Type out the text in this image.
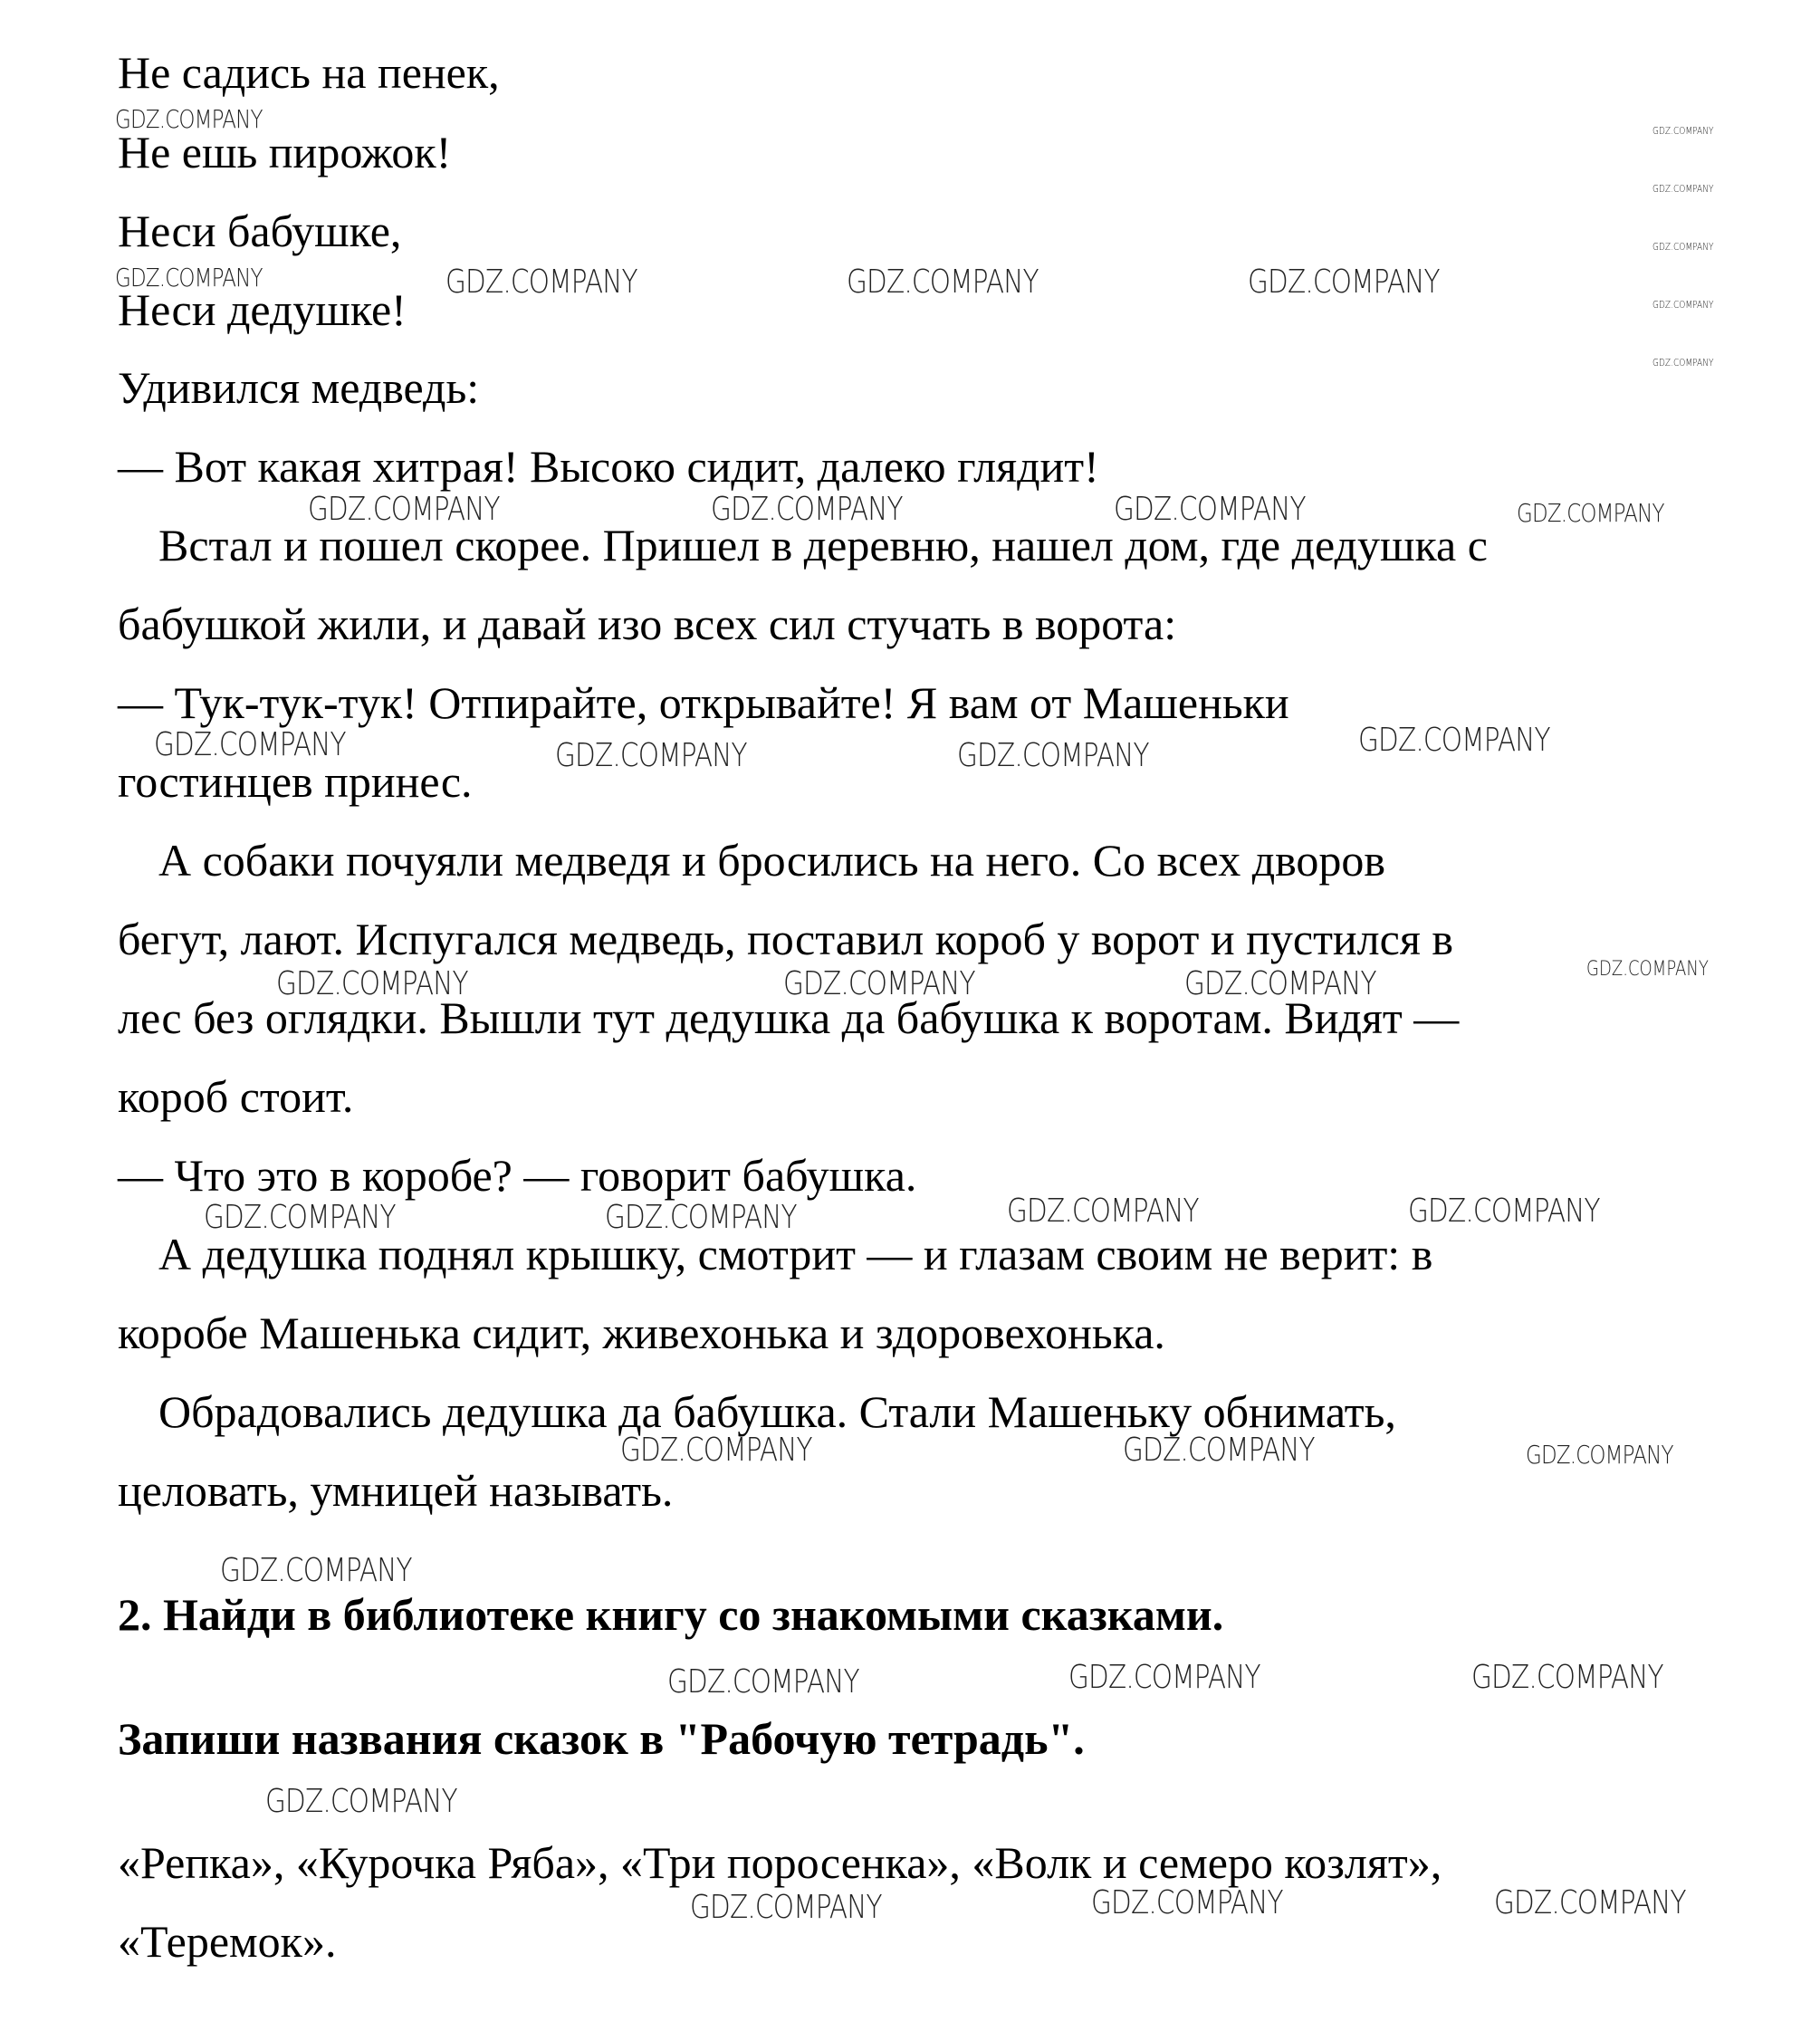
Не садись на пенек,

Не ешь пирожок!

Неси бабушке,

Неси дедушке!

Удивился медведь:

— Вот какая хитрая! Высоко сидит, далеко глядит!

Встал и пошел скорее. Пришел в деревню, нашел дом, где дедушка с

бабушкой жили, и давай изо всех сил стучать в ворота:

— Тук-тук-тук! Отпирайте, открывайте! Я вам от Машеньки

гостинцев принес.

А собаки почуяли медведя и бросились на него. Со всех дворов

бегут, лают. Испугался медведь, поставил короб у ворот и пустился в

лес без оглядки. Вышли тут дедушка да бабушка к воротам. Видят —

короб стоит.

— Что это в коробе? — говорит бабушка.

А дедушка поднял крышку, смотрит — и глазам своим не верит: в

коробе Машенька сидит, живехонька и здоровехонька.

Обрадовались дедушка да бабушка. Стали Машеньку обнимать,

целовать, умницей называть.

2. Найди в библиотеке книгу со знакомыми сказками.

Запиши названия сказок в "Рабочую тетрадь".

«Репка», «Курочка Ряба», «Три поросенка», «Волк и семеро козлят»,

«Теремок».

GDZ.COMPANY
GDZ.COMPANY	GDZ.COMPANY	GDZ.COMPANY	GDZ.COMPANY
GDZ.COMPANY
GDZ.COMPANY
GDZ.COMPANY
GDZ.COMPANY
GDZ.COMPANY
GDZ.COMPANY	GDZ.COMPANY	GDZ.COMPANY	GDZ.COMPANY
GDZ.COMPANY	GDZ.COMPANY	GDZ.COMPANY	GDZ.COMPANY
GDZ.COMPANY	GDZ.COMPANY	GDZ.COMPANY	GDZ.COMPANY
GDZ.COMPANY	GDZ.COMPANY	GDZ.COMPANY	GDZ.COMPANY
GDZ.COMPANY	GDZ.COMPANY	GDZ.COMPANY
GDZ.COMPANY
GDZ.COMPANY	GDZ.COMPANY	GDZ.COMPANY
GDZ.COMPANY
GDZ.COMPANY	GDZ.COMPANY	GDZ.COMPANY
